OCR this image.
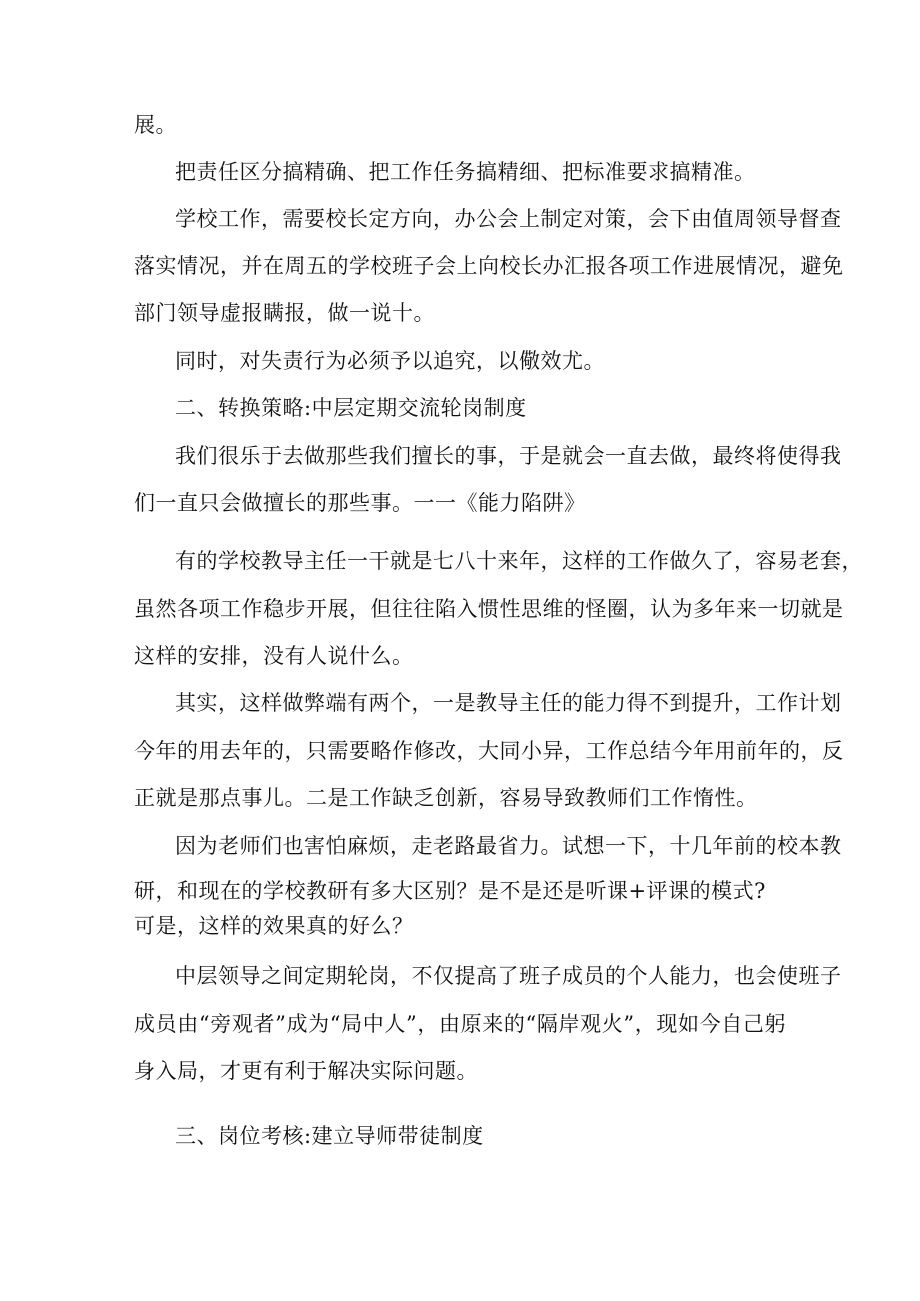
展。
把责任区分搞精确、把工作任务搞精细、把标准要求搞精准。
学校工作，需要校长定方向，办公会上制定对策，会下由值周领导督查
落实情况，并在周五的学校班子会上向校长办汇报各项工作进展情况，避免
部门领导虚报瞒报，做一说十。
同时，对失责行为必须予以追究，以儆效尤。
二、转换策略:中层定期交流轮岗制度
我们很乐于去做那些我们擅长的事，于是就会一直去做，最终将使得我
们一直只会做擅长的那些事。一一《能力陷阱》
有的学校教导主任一干就是七八十来年，这样的工作做久了，容易老套，
虽然各项工作稳步开展，但往往陷入惯性思维的怪圈，认为多年来一切就是
这样的安排，没有人说什么。
其实，这样做弊端有两个，一是教导主任的能力得不到提升，工作计划
今年的用去年的，只需要略作修改，大同小异，工作总结今年用前年的，反
正就是那点事儿。二是工作缺乏创新，容易导致教师们工作惰性。
因为老师们也害怕麻烦，走老路最省力。试想一下，十几年前的校本教
研，和现在的学校教研有多大区别？是不是还是听课+评课的模式?
可是，这样的效果真的好么？
中层领导之间定期轮岗，不仅提高了班子成员的个人能力，也会使班子
成员由“旁观者”成为“局中人”，由原来的“隔岸观火”，现如今自己躬
身入局，才更有利于解决实际问题。
三、岗位考核:建立导师带徒制度
